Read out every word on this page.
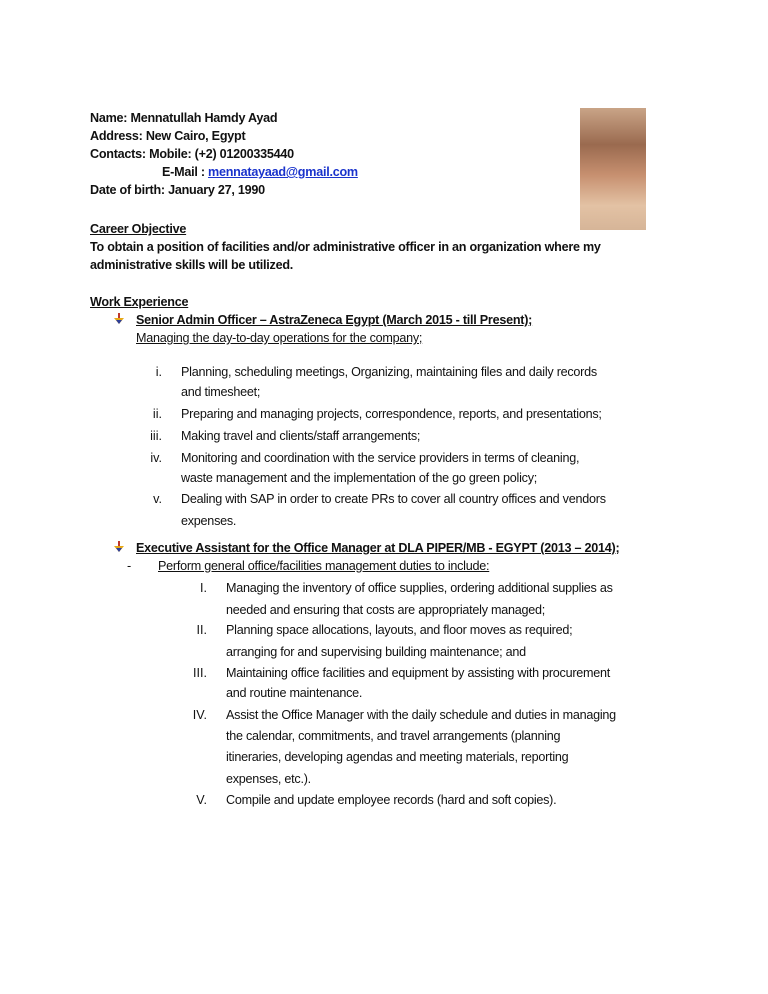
Name: Mennatullah Hamdy Ayad
Address: New Cairo, Egypt
Contacts: Mobile: (+2) 01200335440
E-Mail : mennatayaad@gmail.com
Date of birth: January 27, 1990
Career Objective
To obtain a position of facilities and/or administrative officer in an organization where my
administrative skills will be utilized.
Work Experience
Senior Admin Officer – AstraZeneca Egypt (March 2015 - till Present);
Managing the day-to-day operations for the company;
i. Planning, scheduling meetings, Organizing, maintaining files and daily records
and timesheet;
ii. Preparing and managing projects, correspondence, reports, and presentations;
iii. Making travel and clients/staff arrangements;
iv. Monitoring and coordination with the service providers in terms of cleaning,
waste management and the implementation of the go green policy;
v. Dealing with SAP in order to create PRs to cover all country offices and vendors
expenses.
Executive Assistant for the Office Manager at DLA PIPER/MB - EGYPT (2013 – 2014);
- Perform general office/facilities management duties to include:
I. Managing the inventory of office supplies, ordering additional supplies as
needed and ensuring that costs are appropriately managed;
II. Planning space allocations, layouts, and floor moves as required;
arranging for and supervising building maintenance; and
III. Maintaining office facilities and equipment by assisting with procurement
and routine maintenance.
IV. Assist the Office Manager with the daily schedule and duties in managing
the calendar, commitments, and travel arrangements (planning
itineraries, developing agendas and meeting materials, reporting
expenses, etc.).
V. Compile and update employee records (hard and soft copies).
